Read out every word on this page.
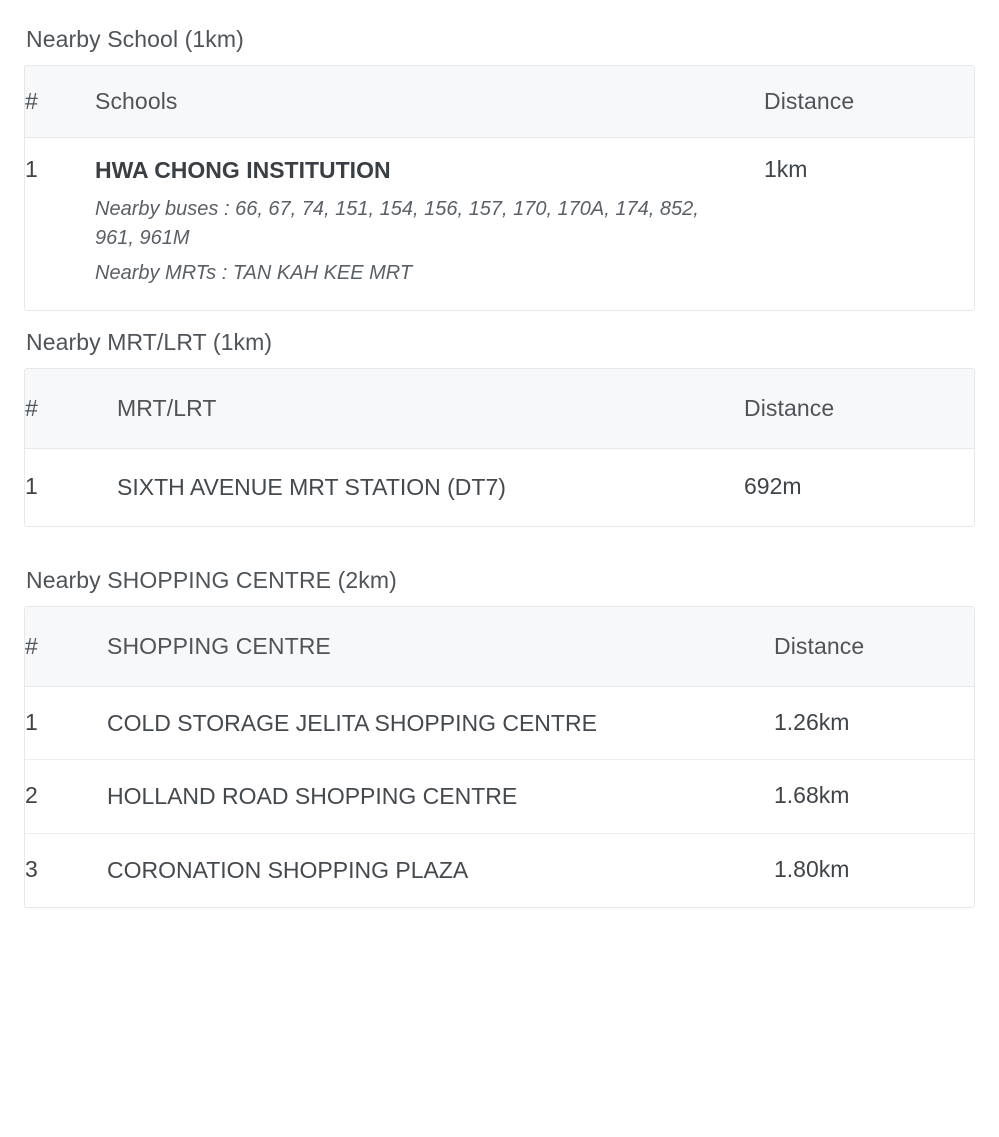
Nearby School (1km)
#	Schools	Distance
1	HWA CHONG INSTITUTION
Nearby buses : 66, 67, 74, 151, 154, 156, 157, 170, 170A, 174, 852, 961, 961M
Nearby MRTs : TAN KAH KEE MRT	1km
Nearby MRT/LRT (1km)
#	MRT/LRT	Distance
1	SIXTH AVENUE MRT STATION (DT7)	692m
Nearby SHOPPING CENTRE (2km)
#	SHOPPING CENTRE	Distance
1	COLD STORAGE JELITA SHOPPING CENTRE	1.26km
2	HOLLAND ROAD SHOPPING CENTRE	1.68km
3	CORONATION SHOPPING PLAZA	1.80km
